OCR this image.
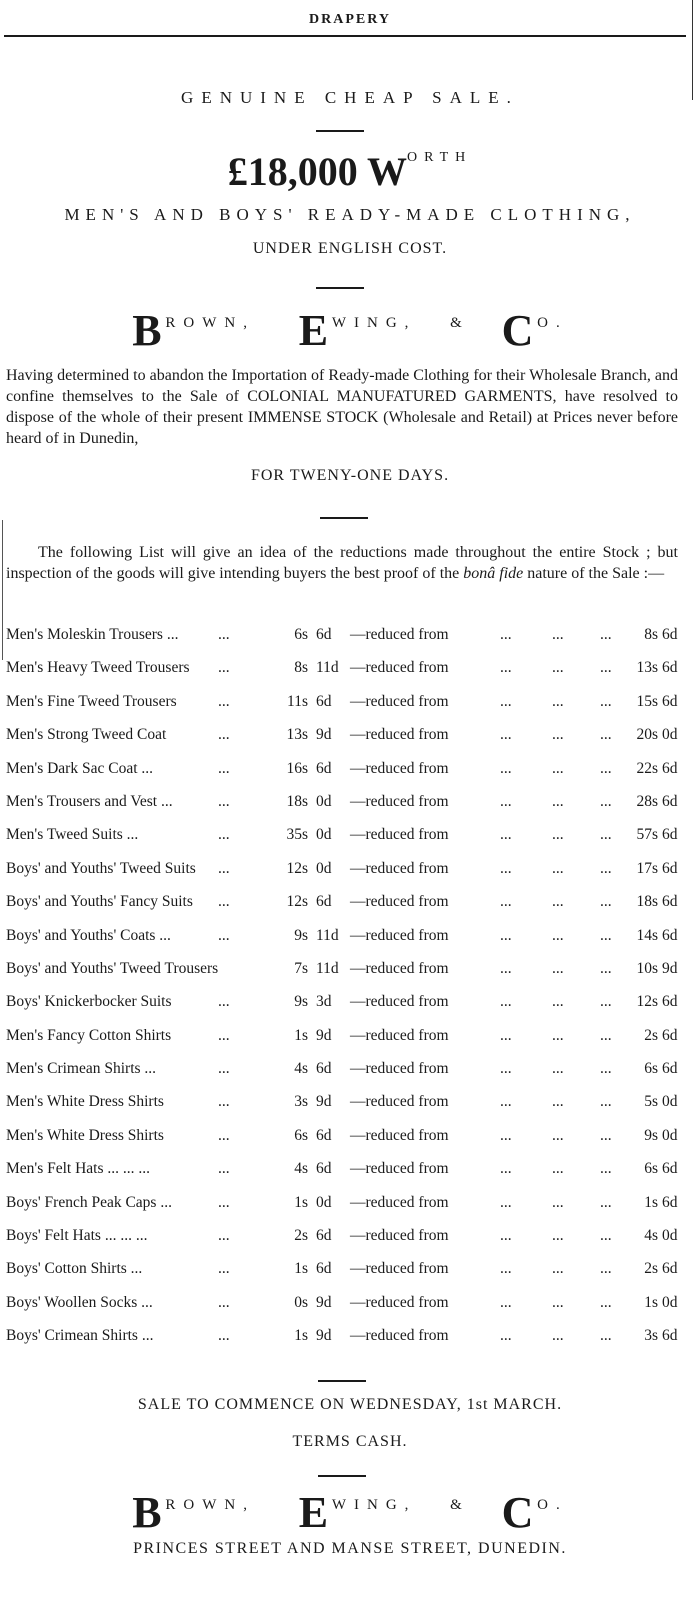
DRAPERY
GENUINE CHEAP SALE.
£18,000 $W^{ORTH}$
MEN'S AND BOYS' READY-MADE CLOTHING,
UNDER ENGLISH COST.
B ROWN, E WING, & C O.
Having determined to abandon the Importation of Ready-made Clothing for their Wholesale Branch, and confine themselves to the Sale of COLONIAL MANUFATURED GARMENTS, have resolved to dispose of the whole of their present IMMENSE STOCK (Wholesale and Retail) at Prices never before heard of in Dunedin,
FOR TWENY-ONE DAYS.
The following List will give an idea of the reductions made throughout the entire Stock ; but inspection of the goods will give intending buyers the best proof of the bonâ fide nature of the Sale :—
Men's Moleskin Trousers ...	...	6s 6d —reduced from	...	... ...	8s 6d
Men's Heavy Tweed Trousers ...	8s 11d —reduced from	...	... ...	13s 6d
Men's Fine Tweed Trousers	...	11s 6d —reduced from	...	... ...	15s 6d
Men's Strong Tweed Coat	...	13s 9d —reduced from	...	... ...	20s 0d
Men's Dark Sac Coat ...	...	16s 6d —reduced from	...	... ...	22s 6d
Men's Trousers and Vest ...	...	18s 0d —reduced from	...	... ...	28s 6d
Men's Tweed Suits ...	...	35s 0d —reduced from	...	... ...	57s 6d
Boys' and Youths' Tweed Suits ...	12s 0d —reduced from	...	... ...	17s 6d
Boys' and Youths' Fancy Suits ...	12s 6d —reduced from	...	... ...	18s 6d
Boys' and Youths' Coats ...	...	9s 11d —reduced from	...	... ...	14s 6d
Boys' and Youths' Tweed Trousers	7s 11d —reduced from	...	... ...	10s 9d
Boys' Knickerbocker Suits	...	9s 3d —reduced from	...	... ...	12s 6d
Men's Fancy Cotton Shirts	...	1s 9d —reduced from	...	... ...	2s 6d
Men's Crimean Shirts ...	...	4s 6d —reduced from	...	... ...	6s 6d
Men's White Dress Shirts	...	3s 9d —reduced from	...	... ...	5s 0d
Men's White Dress Shirts	...	6s 6d —reduced from	...	... ...	9s 0d
Men's Felt Hats ... ... ...	...	4s 6d —reduced from	...	... ...	6s 6d
Boys' French Peak Caps ...	...	1s 0d —reduced from	...	... ...	1s 6d
Boys' Felt Hats ... ... ...	...	2s 6d —reduced from	...	... ...	4s 0d
Boys' Cotton Shirts ...	...	1s 6d —reduced from	...	... ...	2s 6d
Boys' Woollen Socks ...	...	0s 9d —reduced from	...	... ...	1s 0d
Boys' Crimean Shirts ...	...	1s 9d —reduced from	...	... ...	3s 6d
SALE TO COMMENCE ON WEDNESDAY, 1st MARCH.
TERMS CASH.
B ROWN, E WING, & C O.
PRINCES STREET AND MANSE STREET, DUNEDIN.
